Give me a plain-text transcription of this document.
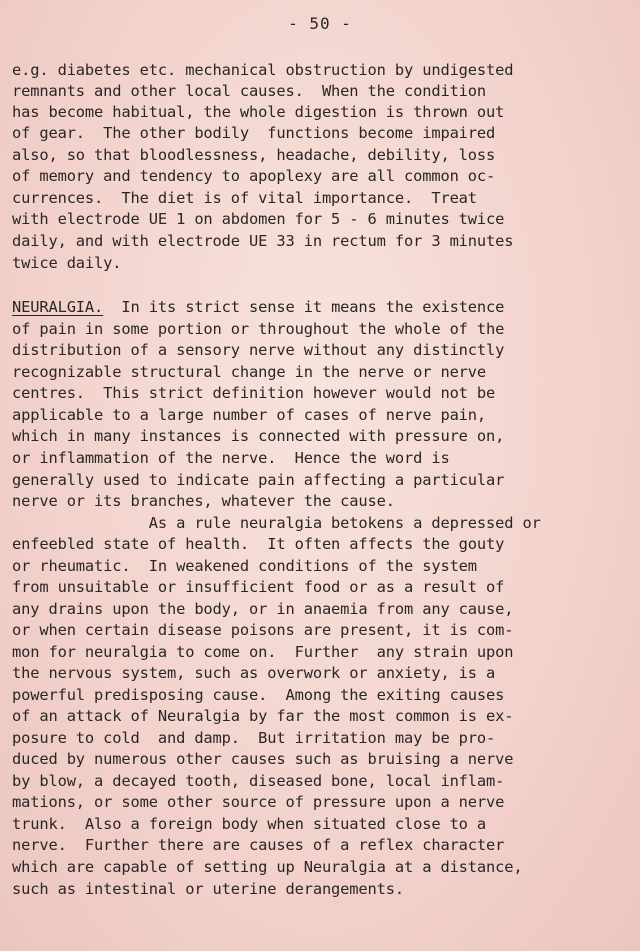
- 50 -
e.g. diabetes etc. mechanical obstruction by undigested
remnants and other local causes.  When the condition
has become habitual, the whole digestion is thrown out
of gear.  The other bodily  functions become impaired
also, so that bloodlessness, headache, debility, loss
of memory and tendency to apoplexy are all common oc-
currences.  The diet is of vital importance.  Treat
with electrode UE 1 on abdomen for 5 - 6 minutes twice
daily, and with electrode UE 33 in rectum for 3 minutes
twice daily.
NEURALGIA.  In its strict sense it means the existence
of pain in some portion or throughout the whole of the
distribution of a sensory nerve without any distinctly
recognizable structural change in the nerve or nerve
centres.  This strict definition however would not be
applicable to a large number of cases of nerve pain,
which in many instances is connected with pressure on,
or inflammation of the nerve.  Hence the word is
generally used to indicate pain affecting a particular
nerve or its branches, whatever the cause.
As a rule neuralgia betokens a depressed or
enfeebled state of health.  It often affects the gouty
or rheumatic.  In weakened conditions of the system
from unsuitable or insufficient food or as a result of
any drains upon the body, or in anaemia from any cause,
or when certain disease poisons are present, it is com-
mon for neuralgia to come on.  Further  any strain upon
the nervous system, such as overwork or anxiety, is a
powerful predisposing cause.  Among the exiting causes
of an attack of Neuralgia by far the most common is ex-
posure to cold  and damp.  But irritation may be pro-
duced by numerous other causes such as bruising a nerve
by blow, a decayed tooth, diseased bone, local inflam-
mations, or some other source of pressure upon a nerve
trunk.  Also a foreign body when situated close to a
nerve.  Further there are causes of a reflex character
which are capable of setting up Neuralgia at a distance,
such as intestinal or uterine derangements.
